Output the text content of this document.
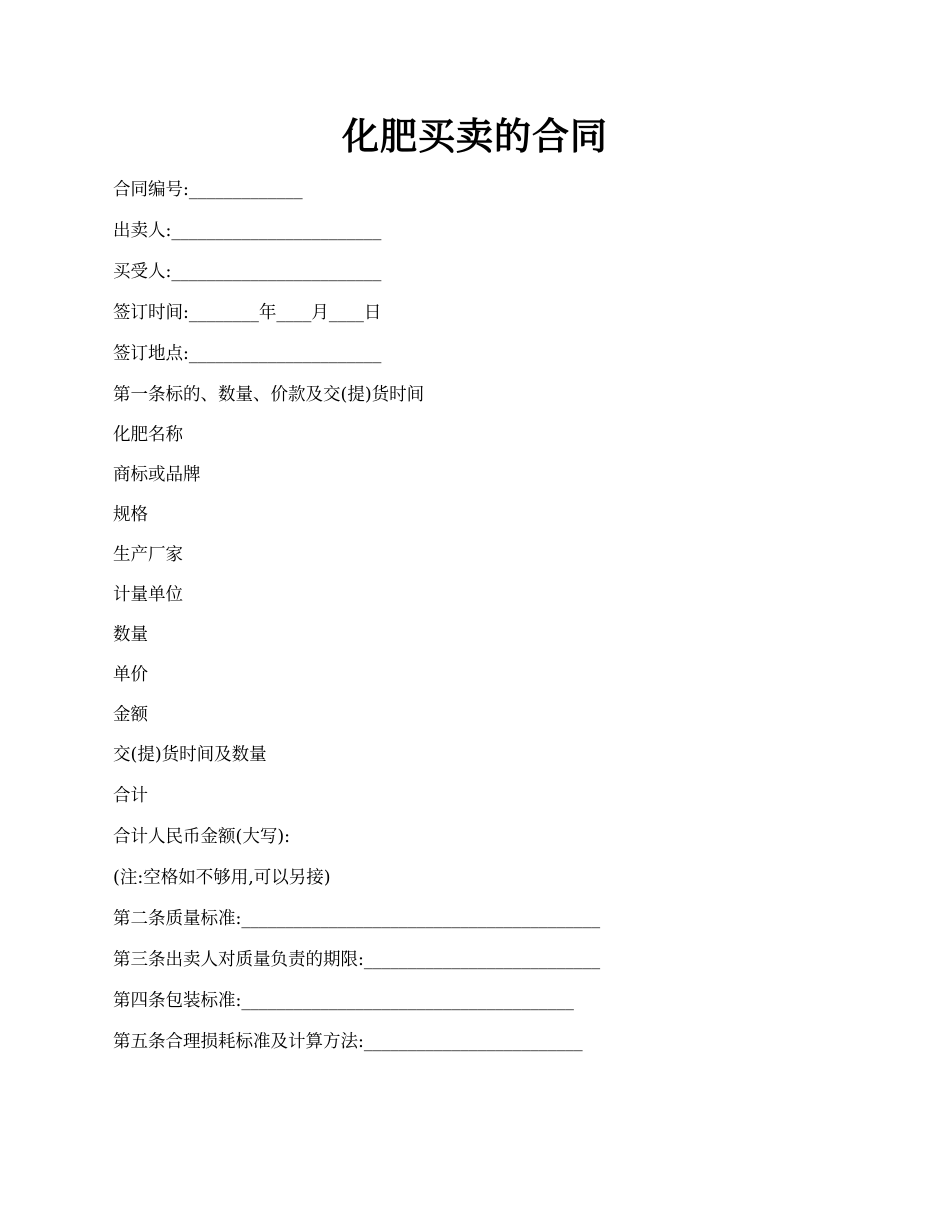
化肥买卖的合同

合同编号:_____________

出卖人:________________________

买受人:________________________

签订时间:________年____月____日

签订地点:______________________

第一条标的、数量、价款及交(提)货时间

化肥名称

商标或品牌

规格

生产厂家

计量单位

数量

单价

金额

交(提)货时间及数量

合计

合计人民币金额(大写):

(注:空格如不够用,可以另接)

第二条质量标准:_________________________________________

第三条出卖人对质量负责的期限:___________________________

第四条包装标准:______________________________________

第五条合理损耗标准及计算方法:_________________________
